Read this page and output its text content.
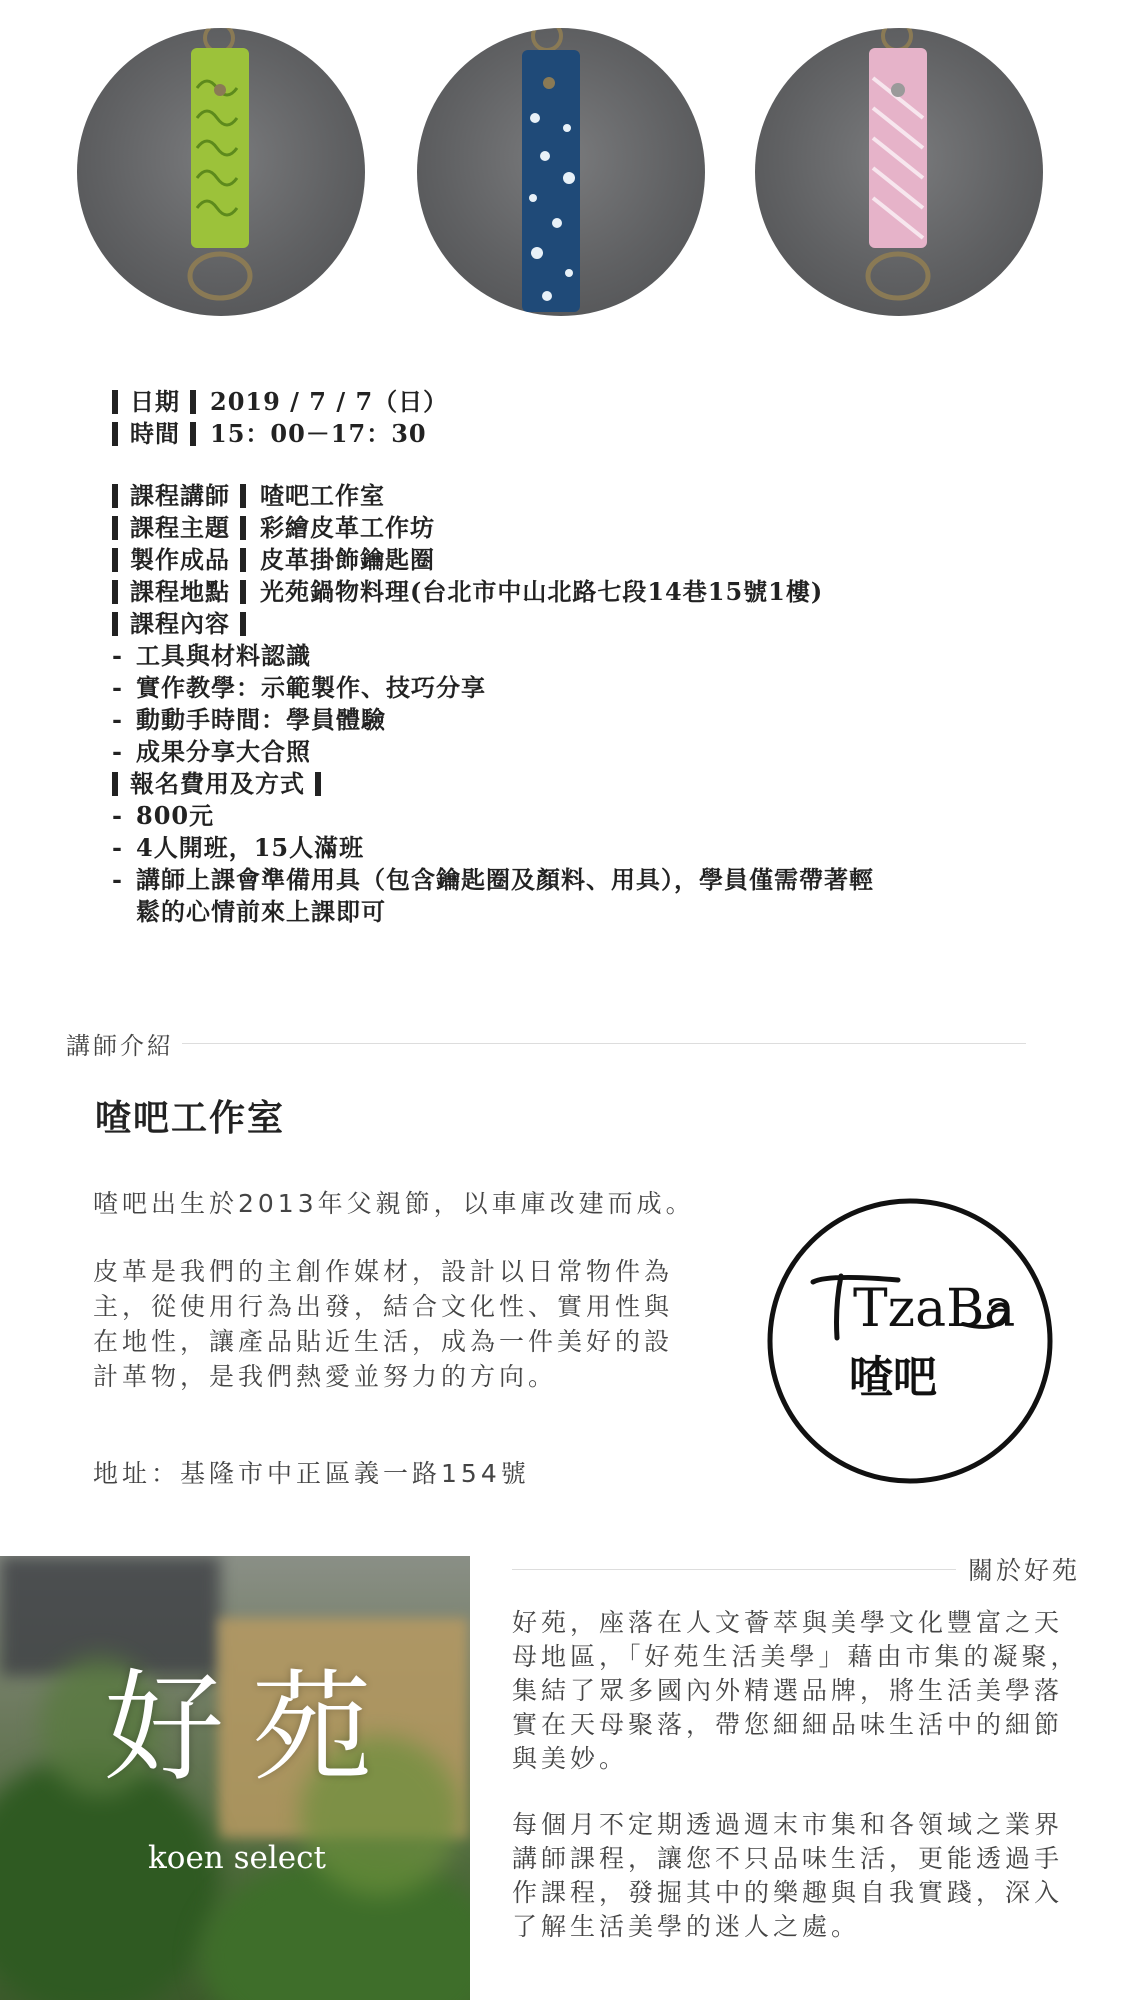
日期 2019 / 7 / 7（日）
時間 15：00－17：30
課程講師 喳吧工作室
課程主題 彩繪皮革工作坊
製作成品 皮革掛飾鑰匙圈
課程地點 光苑鍋物料理(台北市中山北路七段14巷15號1樓)
課程內容
- 工具與材料認識
- 實作教學：示範製作、技巧分享
- 動動手時間：學員體驗
- 成果分享大合照
報名費用及方式
- 800元
- 4人開班，15人滿班
- 講師上課會準備用具（包含鑰匙圈及顏料、用具），學員僅需帶著輕
鬆的心情前來上課即可
講師介紹
喳吧工作室
喳吧出生於2013年父親節，以車庫改建而成。
皮革是我們的主創作媒材，設計以日常物件為主，從使用行為出發，結合文化性、實用性與在地性，讓產品貼近生活，成為一件美好的設計革物，是我們熱愛並努力的方向。
地址：基隆市中正區義一路154號
TzaBa
喳吧
好苑
koen select
關於好苑
好苑，座落在人文薈萃與美學文化豐富之天母地區，「好苑生活美學」藉由市集的凝聚，集結了眾多國內外精選品牌，將生活美學落實在天母聚落，帶您細細品味生活中的細節與美妙。
每個月不定期透過週末市集和各領域之業界講師課程，讓您不只品味生活，更能透過手作課程，發掘其中的樂趣與自我實踐，深入了解生活美學的迷人之處。
